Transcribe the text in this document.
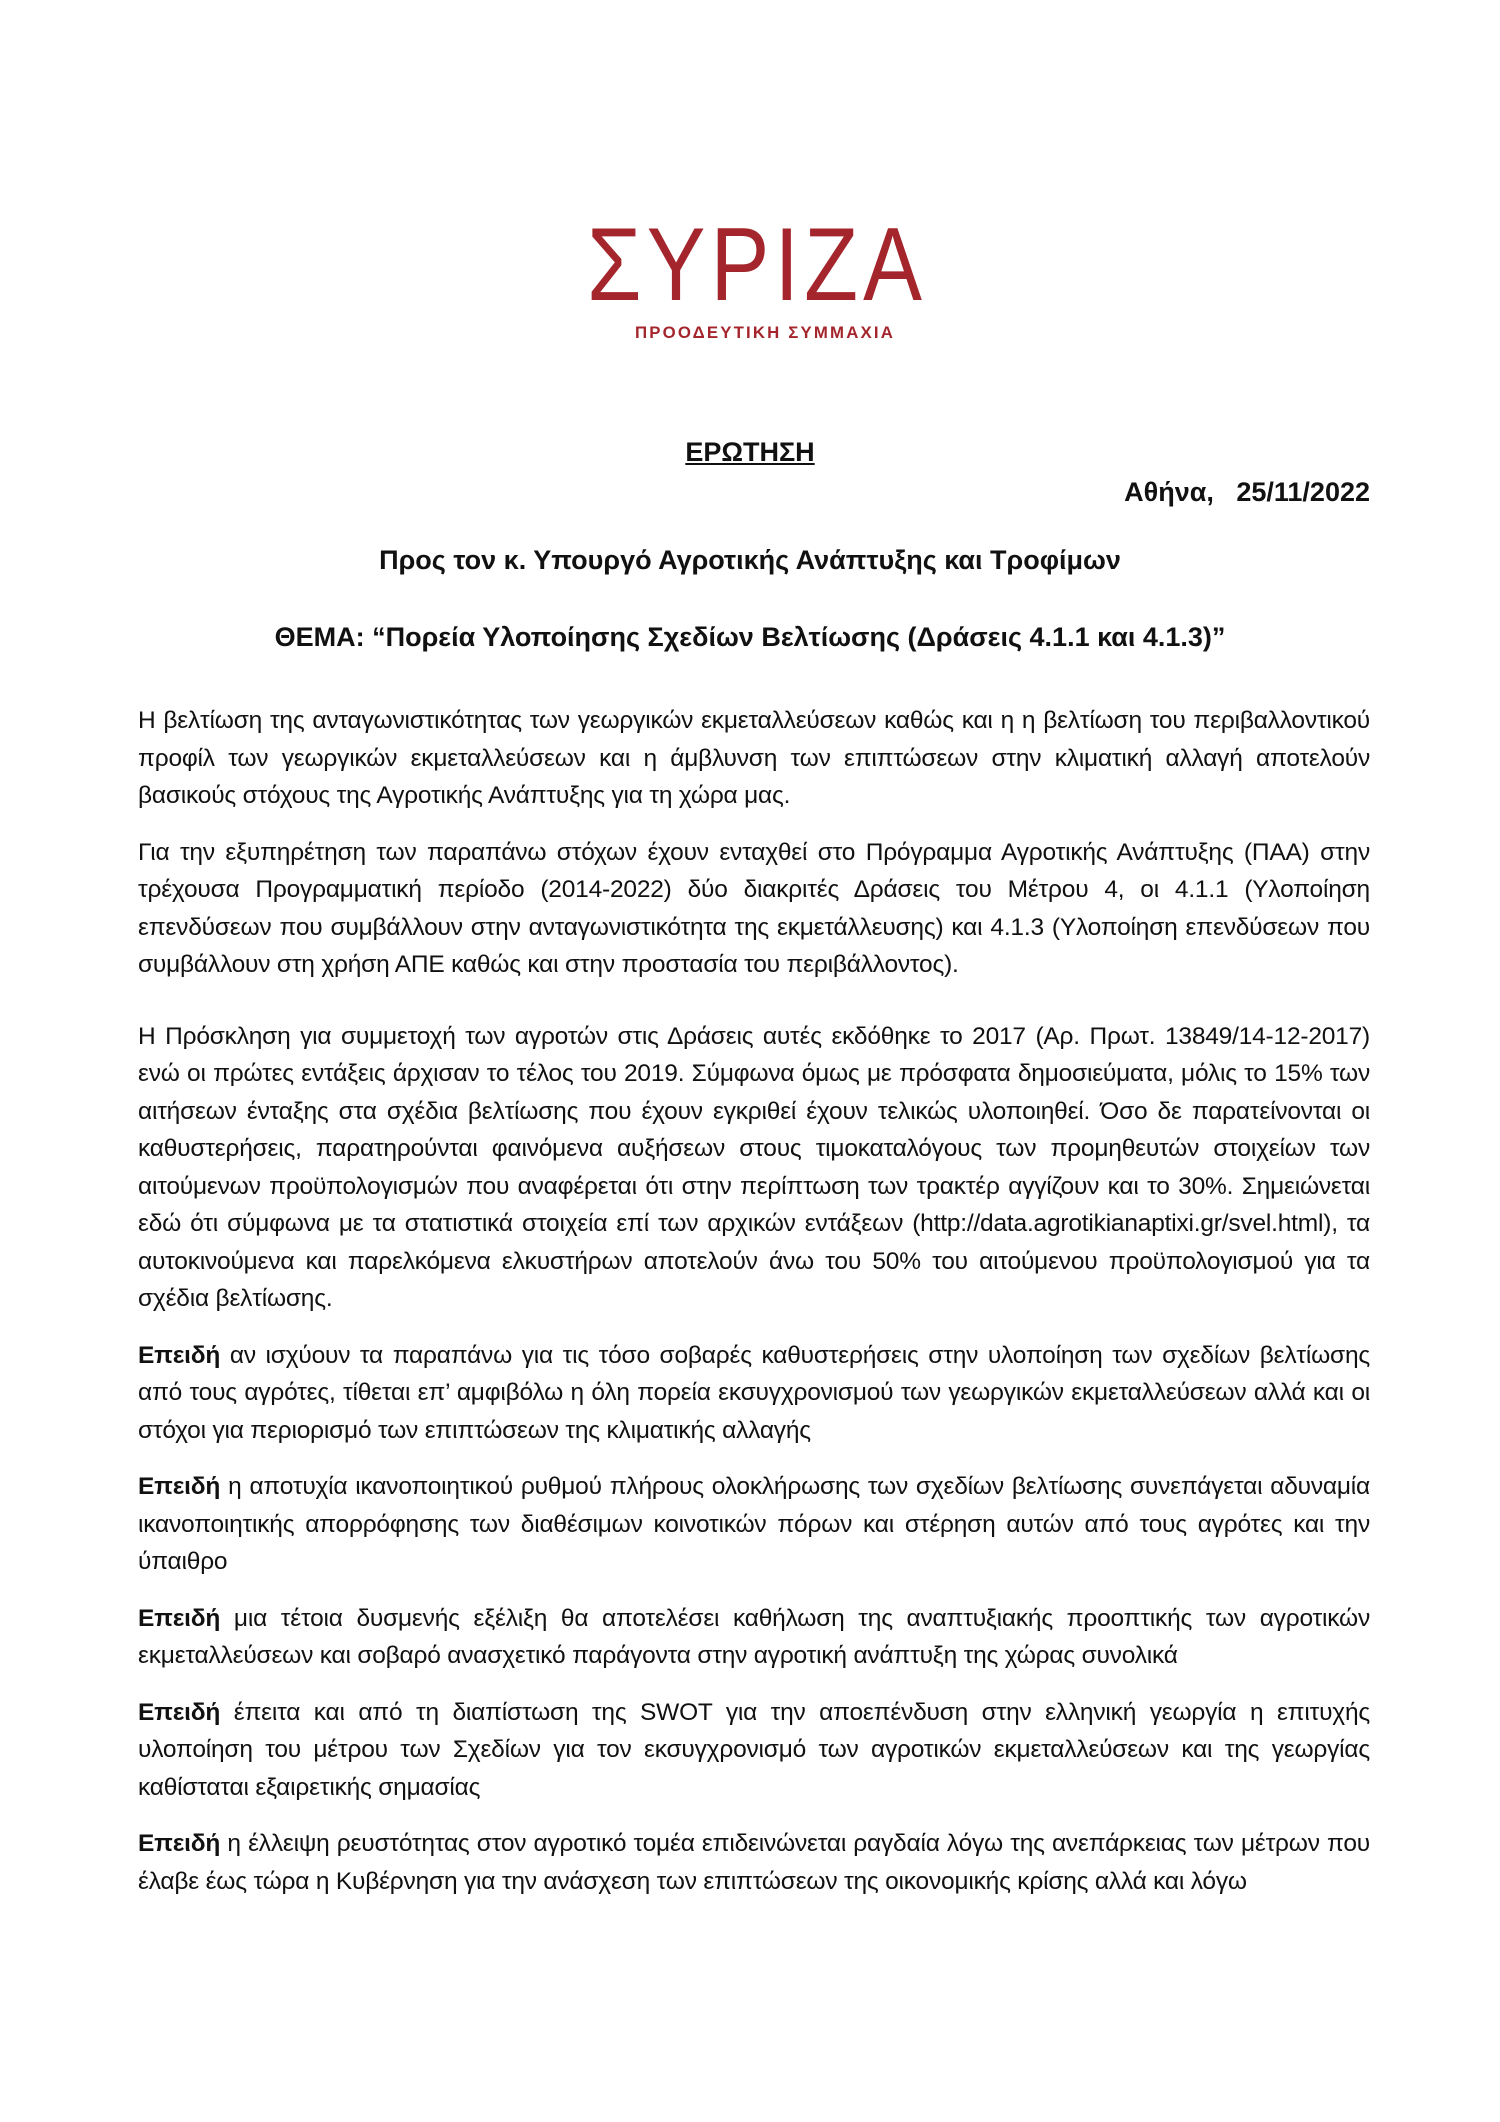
ΣΥΡΙΖΑ
ΠΡΟΟΔΕΥΤΙΚΗ ΣΥΜΜΑΧΙΑ
ΕΡΩΤΗΣΗ
Αθήνα,   25/11/2022
Προς τον κ. Υπουργό Αγροτικής Ανάπτυξης και Τροφίμων
ΘΕΜΑ: “Πορεία Υλοποίησης Σχεδίων Βελτίωσης (Δράσεις 4.1.1 και 4.1.3)”

Η βελτίωση της ανταγωνιστικότητας των γεωργικών εκμεταλλεύσεων καθώς και η η βελτίωση του περιβαλλοντικού προφίλ των γεωργικών εκμεταλλεύσεων και η άμβλυνση των επιπτώσεων στην κλιματική αλλαγή αποτελούν βασικούς στόχους της Αγροτικής Ανάπτυξης για τη χώρα μας.

Για την εξυπηρέτηση των παραπάνω στόχων έχουν ενταχθεί στο Πρόγραμμα Αγροτικής Ανάπτυξης (ΠΑΑ) στην τρέχουσα Προγραμματική περίοδο (2014-2022) δύο διακριτές Δράσεις του Μέτρου 4, οι 4.1.1 (Υλοποίηση επενδύσεων που συμβάλλουν στην ανταγωνιστικότητα της εκμετάλλευσης) και 4.1.3 (Υλοποίηση επενδύσεων που συμβάλλουν στη χρήση ΑΠΕ καθώς και στην προστασία του περιβάλλοντος).

Η Πρόσκληση για συμμετοχή των αγροτών στις Δράσεις αυτές εκδόθηκε το 2017 (Αρ. Πρωτ. 13849/14-12-2017) ενώ οι πρώτες εντάξεις άρχισαν το τέλος του 2019. Σύμφωνα όμως με πρόσφατα δημοσιεύματα, μόλις το 15% των αιτήσεων ένταξης στα σχέδια βελτίωσης που έχουν εγκριθεί έχουν τελικώς υλοποιηθεί. Όσο δε παρατείνονται οι καθυστερήσεις, παρατηρούνται φαινόμενα αυξήσεων στους τιμοκαταλόγους των προμηθευτών στοιχείων των αιτούμενων προϋπολογισμών που αναφέρεται ότι στην περίπτωση των τρακτέρ αγγίζουν και το 30%. Σημειώνεται εδώ ότι σύμφωνα με τα στατιστικά στοιχεία επί των αρχικών εντάξεων (http://data.agrotikianaptixi.gr/svel.html), τα αυτοκινούμενα και παρελκόμενα ελκυστήρων αποτελούν άνω του 50% του αιτούμενου προϋπολογισμού για τα σχέδια βελτίωσης.

Επειδή αν ισχύουν τα παραπάνω για τις τόσο σοβαρές καθυστερήσεις στην υλοποίηση των σχεδίων βελτίωσης από τους αγρότες, τίθεται επ’ αμφιβόλω η όλη πορεία εκσυγχρονισμού των γεωργικών εκμεταλλεύσεων αλλά και οι στόχοι για περιορισμό των επιπτώσεων της κλιματικής αλλαγής

Επειδή η αποτυχία ικανοποιητικού ρυθμού πλήρους ολοκλήρωσης των σχεδίων βελτίωσης συνεπάγεται αδυναμία ικανοποιητικής απορρόφησης των διαθέσιμων κοινοτικών πόρων και στέρηση αυτών από τους αγρότες και την ύπαιθρο

Επειδή μια τέτοια δυσμενής εξέλιξη θα αποτελέσει καθήλωση της αναπτυξιακής προοπτικής των αγροτικών εκμεταλλεύσεων και σοβαρό ανασχετικό παράγοντα στην αγροτική ανάπτυξη της χώρας συνολικά

Επειδή έπειτα και από τη διαπίστωση της SWOT για την αποεπένδυση στην ελληνική γεωργία η επιτυχής υλοποίηση του μέτρου των Σχεδίων για τον εκσυγχρονισμό των αγροτικών εκμεταλλεύσεων και της γεωργίας καθίσταται εξαιρετικής σημασίας

Επειδή η έλλειψη ρευστότητας στον αγροτικό τομέα επιδεινώνεται ραγδαία λόγω της ανεπάρκειας των μέτρων που έλαβε έως τώρα η Κυβέρνηση για την ανάσχεση των επιπτώσεων της οικονομικής κρίσης αλλά και λόγω
